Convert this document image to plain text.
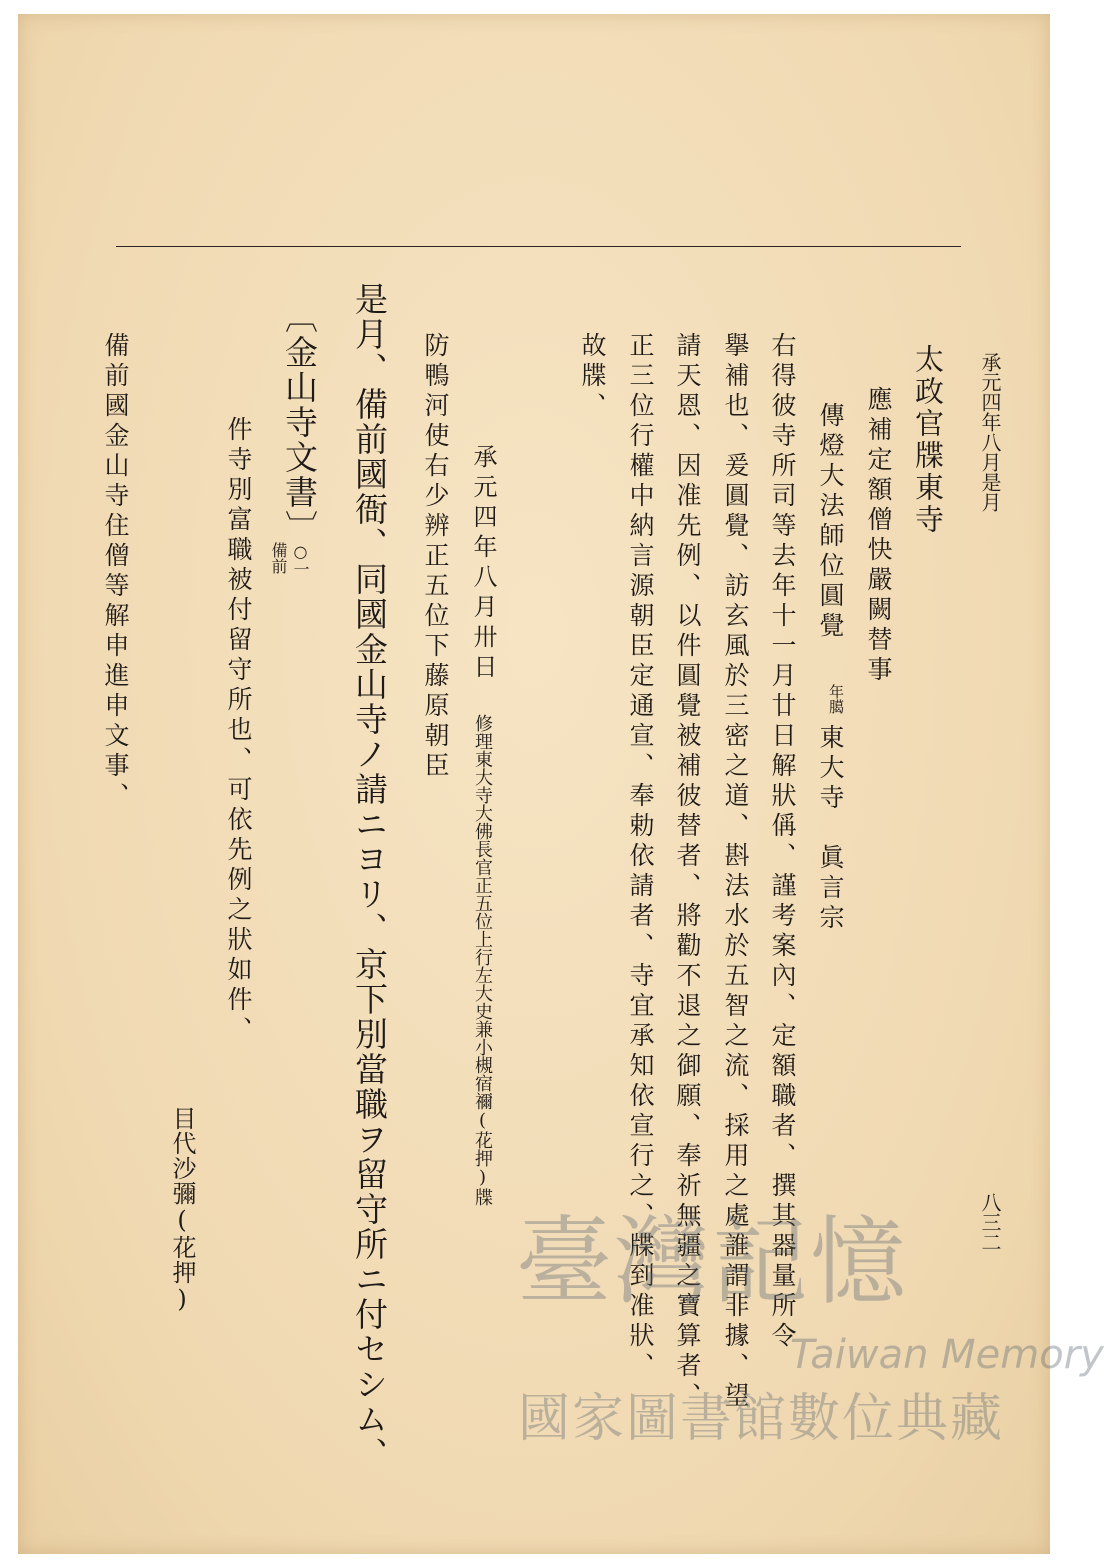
承元四年八月是月
八三二
太政官牒東寺
應補定額僧快嚴闕替事
傳燈大法師位圓覺
年臈
東大寺　眞言宗
右得彼寺所司等去年十一月廿日解狀偁、謹考案內、定額職者、撰其器量所令
擧補也、爰圓覺、訪玄風於三密之道、斟法水於五智之流、採用之處誰謂非據、望
請天恩、因准先例、以件圓覺被補彼替者、將勸不退之御願、奉祈無疆之寶算者、
正三位行權中納言源朝臣定通宣、奉勅依請者、寺宜承知依宣行之、牒到准狀、
故牒、
承元四年八月卅日
修理東大寺大佛長官正五位上行左大史兼小槻宿禰(花押)牒
防鴨河使右少辨正五位下藤原朝臣
是月、備前國衙、同國金山寺ノ請ニヨリ、京下別當職ヲ留守所ニ付セシム、
〔金山寺文書〕
○一
備前
件寺別富職被付留守所也、可依先例之狀如件、
目代沙彌(花押)
備前國金山寺住僧等解申進申文事、
臺灣記憶
Taiwan Memory
國家圖書館數位典藏
